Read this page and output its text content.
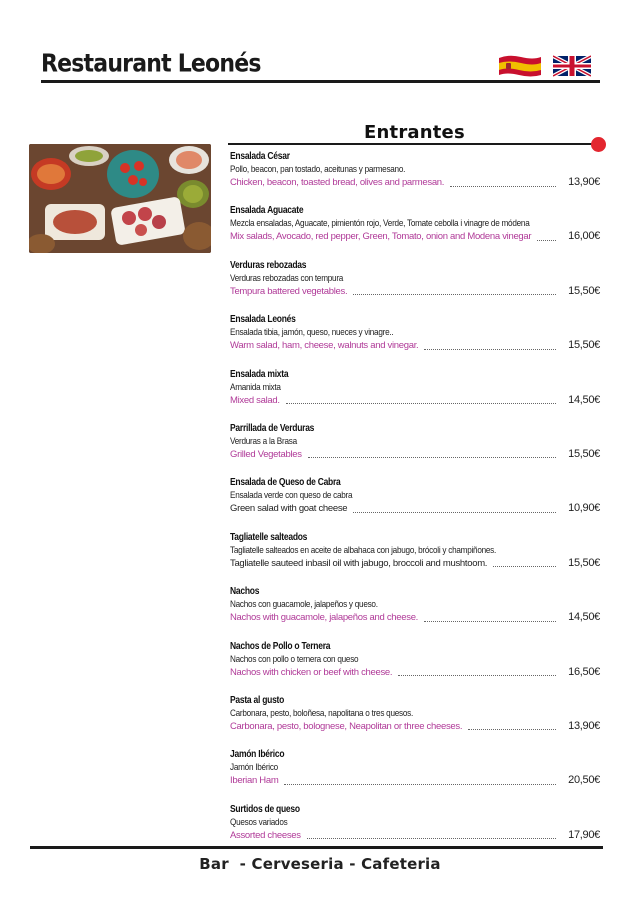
Restaurant Leonés
Entrantes
Ensalada César
Pollo, beacon, pan tostado, aceitunas y parmesano.
Chicken, beacon, toasted bread, olives and parmesan.	13,90€
Ensalada Aguacate
Mezcla ensaladas, Aguacate, pimientón rojo, Verde, Tomate cebolla i vinagre de módena
Mix salads, Avocado, red pepper, Green, Tomato, onion and Modena vinegar	16,00€
Verduras rebozadas
Verduras rebozadas con tempura
Tempura battered vegetables.	15,50€
Ensalada Leonés
Ensalada tibia, jamón, queso, nueces y vinagre..
Warm salad, ham, cheese, walnuts and vinegar.	15,50€
Ensalada mixta
Amanida mixta
Mixed salad.	14,50€
Parrillada de Verduras
Verduras a la Brasa
Grilled Vegetables	15,50€
Ensalada de Queso de Cabra
Ensalada verde con queso de cabra
Green salad with goat cheese	10,90€
Tagliatelle salteados
Tagliatelle salteados en aceite de albahaca con jabugo, brócoli y champiñones.
Tagliatelle sauteed inbasil oil with jabugo, broccoli and mushtoom.	15,50€
Nachos
Nachos con guacamole, jalapeños y queso.
Nachos with guacamole, jalapeños and cheese.	14,50€
Nachos de Pollo o Ternera
Nachos con pollo o ternera con queso
Nachos with chicken or beef with cheese.	16,50€
Pasta al gusto
Carbonara, pesto, boloñesa, napolitana o tres quesos.
Carbonara, pesto, bolognese, Neapolitan or three cheeses.	13,90€
Jamón Ibérico
Jamón Ibérico
Iberian Ham	20,50€
Surtidos de queso
Quesos variados
Assorted cheeses	17,90€
Bar  - Cerveseria - Cafeteria
